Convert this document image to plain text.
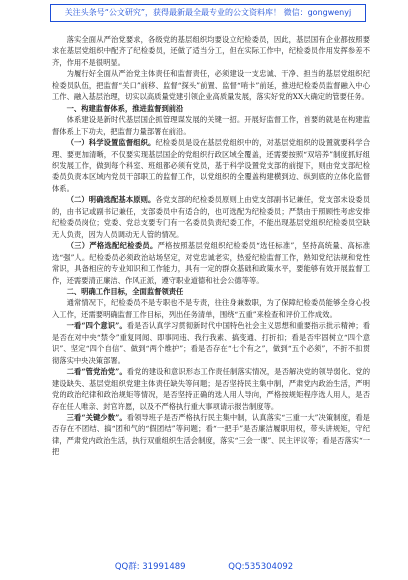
关注头条号“公文研究”，获得最新最全最专业的公文资料库！ 微信：gongwenyj

落实全面从严治党要求，各级党的基层组织均要设立纪检委员，因此，基层国有企业都按照要求在基层党组织中配齐了纪检委员，还做了适当分工，但在实际工作中，纪检委员作用发挥参差不齐，作用不是很明显。

为履行好全面从严治党主体责任和监督责任，必须建设一支忠诚、干净、担当的基层党组织纪检委员队伍，把监督“关口”前移、监督“探头”前置、监督“哨卡”前延，推进纪检委员监督融入中心工作、融入基层治理，切实以高质量党建引领企业高质量发展，落实好党的XX大确定的管要任务。

一、构建监督体系，推进监督到前沿

体系建设是新时代基层国企抓管理谋发展的关键一招。开展好监督工作，首要的就是在构建监督体系上下功夫，把监督力量部署在前沿。

（一）科学设置监督组织。纪检委员是设在基层党组织中的，对基层党组织的设置就要科学合理、要更加清晰，不仅要实现基层国企的党组织行政区域全覆盖，还需要按照“双培养”制度抓好组织发展工作，做到每个科室、班组都必须有党员，基于科学设置党支部的前提下，则由党支部纪检委员负责本区域内党员干部职工的监督工作，以党组织的全覆盖构建横到边、纵到底的立体化监督体系。

（二）明确选配基本原则。各党支部的纪检委员原则上由党支部副书记兼任，党支部未设委员的，由书记或副书记兼任，支部委员中有适合的，也可选配为纪检委员；严禁由于照顾性考虑安排纪检委员岗位；党委、党总支要专门有一名委员负责纪委工作，不能出现基层党组织纪检委员空缺无人负责，因为人员调动无人管的情况。

（三）严格选配纪检委员。严格按照基层党组织纪检委员“选任标准”，坚持高统量、高标准选“强”人。纪检委员必须政治站场坚定，对党忠诚老实，热爱纪检监督工作，熟知党纪法规和党性常识，具备相应的专业知识和工作能力，具有一定的群众基础和政策水平，要能够有效开展监督工作，还需要清正廉洁、作风正派，遵守职业道德和社会公德等等。

二、明确工作目标，全面监督领责任

通常情况下，纪检委员不是专职也不是专责，往往身兼数职，为了保障纪检委员能够全身心投入工作，还需要明确监督工作目标，列出任务清单，围绕“五重”来检查和评价工作成效。

一看“四个意识”。看是否认真学习贯彻新时代中国特色社会主义思想和重要指示批示精神；看是否在对中央“禁令”重复同闻、即事同违、我行我素、搞变通、打折扣；看是否牢固树立“四个意识”、坚定“四个自信”、做到“两个维护”；看是否存在“七个有之”，做到“五个必须”，不折不扣贯彻落实中央决策部署。

二看“管党治党”。看党的建设和意识形态工作责任制落实情况，是否解决党的领导弱化、党的建设缺失、基层党组织党建主体责任缺失等问题；是否坚持民主集中制，严肃党内政治生活，严明党的政治纪律和政治规矩等情况，是否坚持正确的选人用人导向，严格按规矩程序选人用人，是否存在任人唯亲、封官许愿，以及不严格执行重大事项请示报告制度等。

三看“关键少数”。看领导班子是否严格执行民主集中制，认真落实“三重一大”决策制度，看是否存在不团结、搞“团和气的“假团结”等问题；看“一把手”是否廉洁履职用权，带头讲规矩，守纪律，严肃党内政治生活，执行双重组织生活会制度，落实“三会一课”、民主评议等；看是否落实“一把

QQ群: 31991489	QQ:535304092
